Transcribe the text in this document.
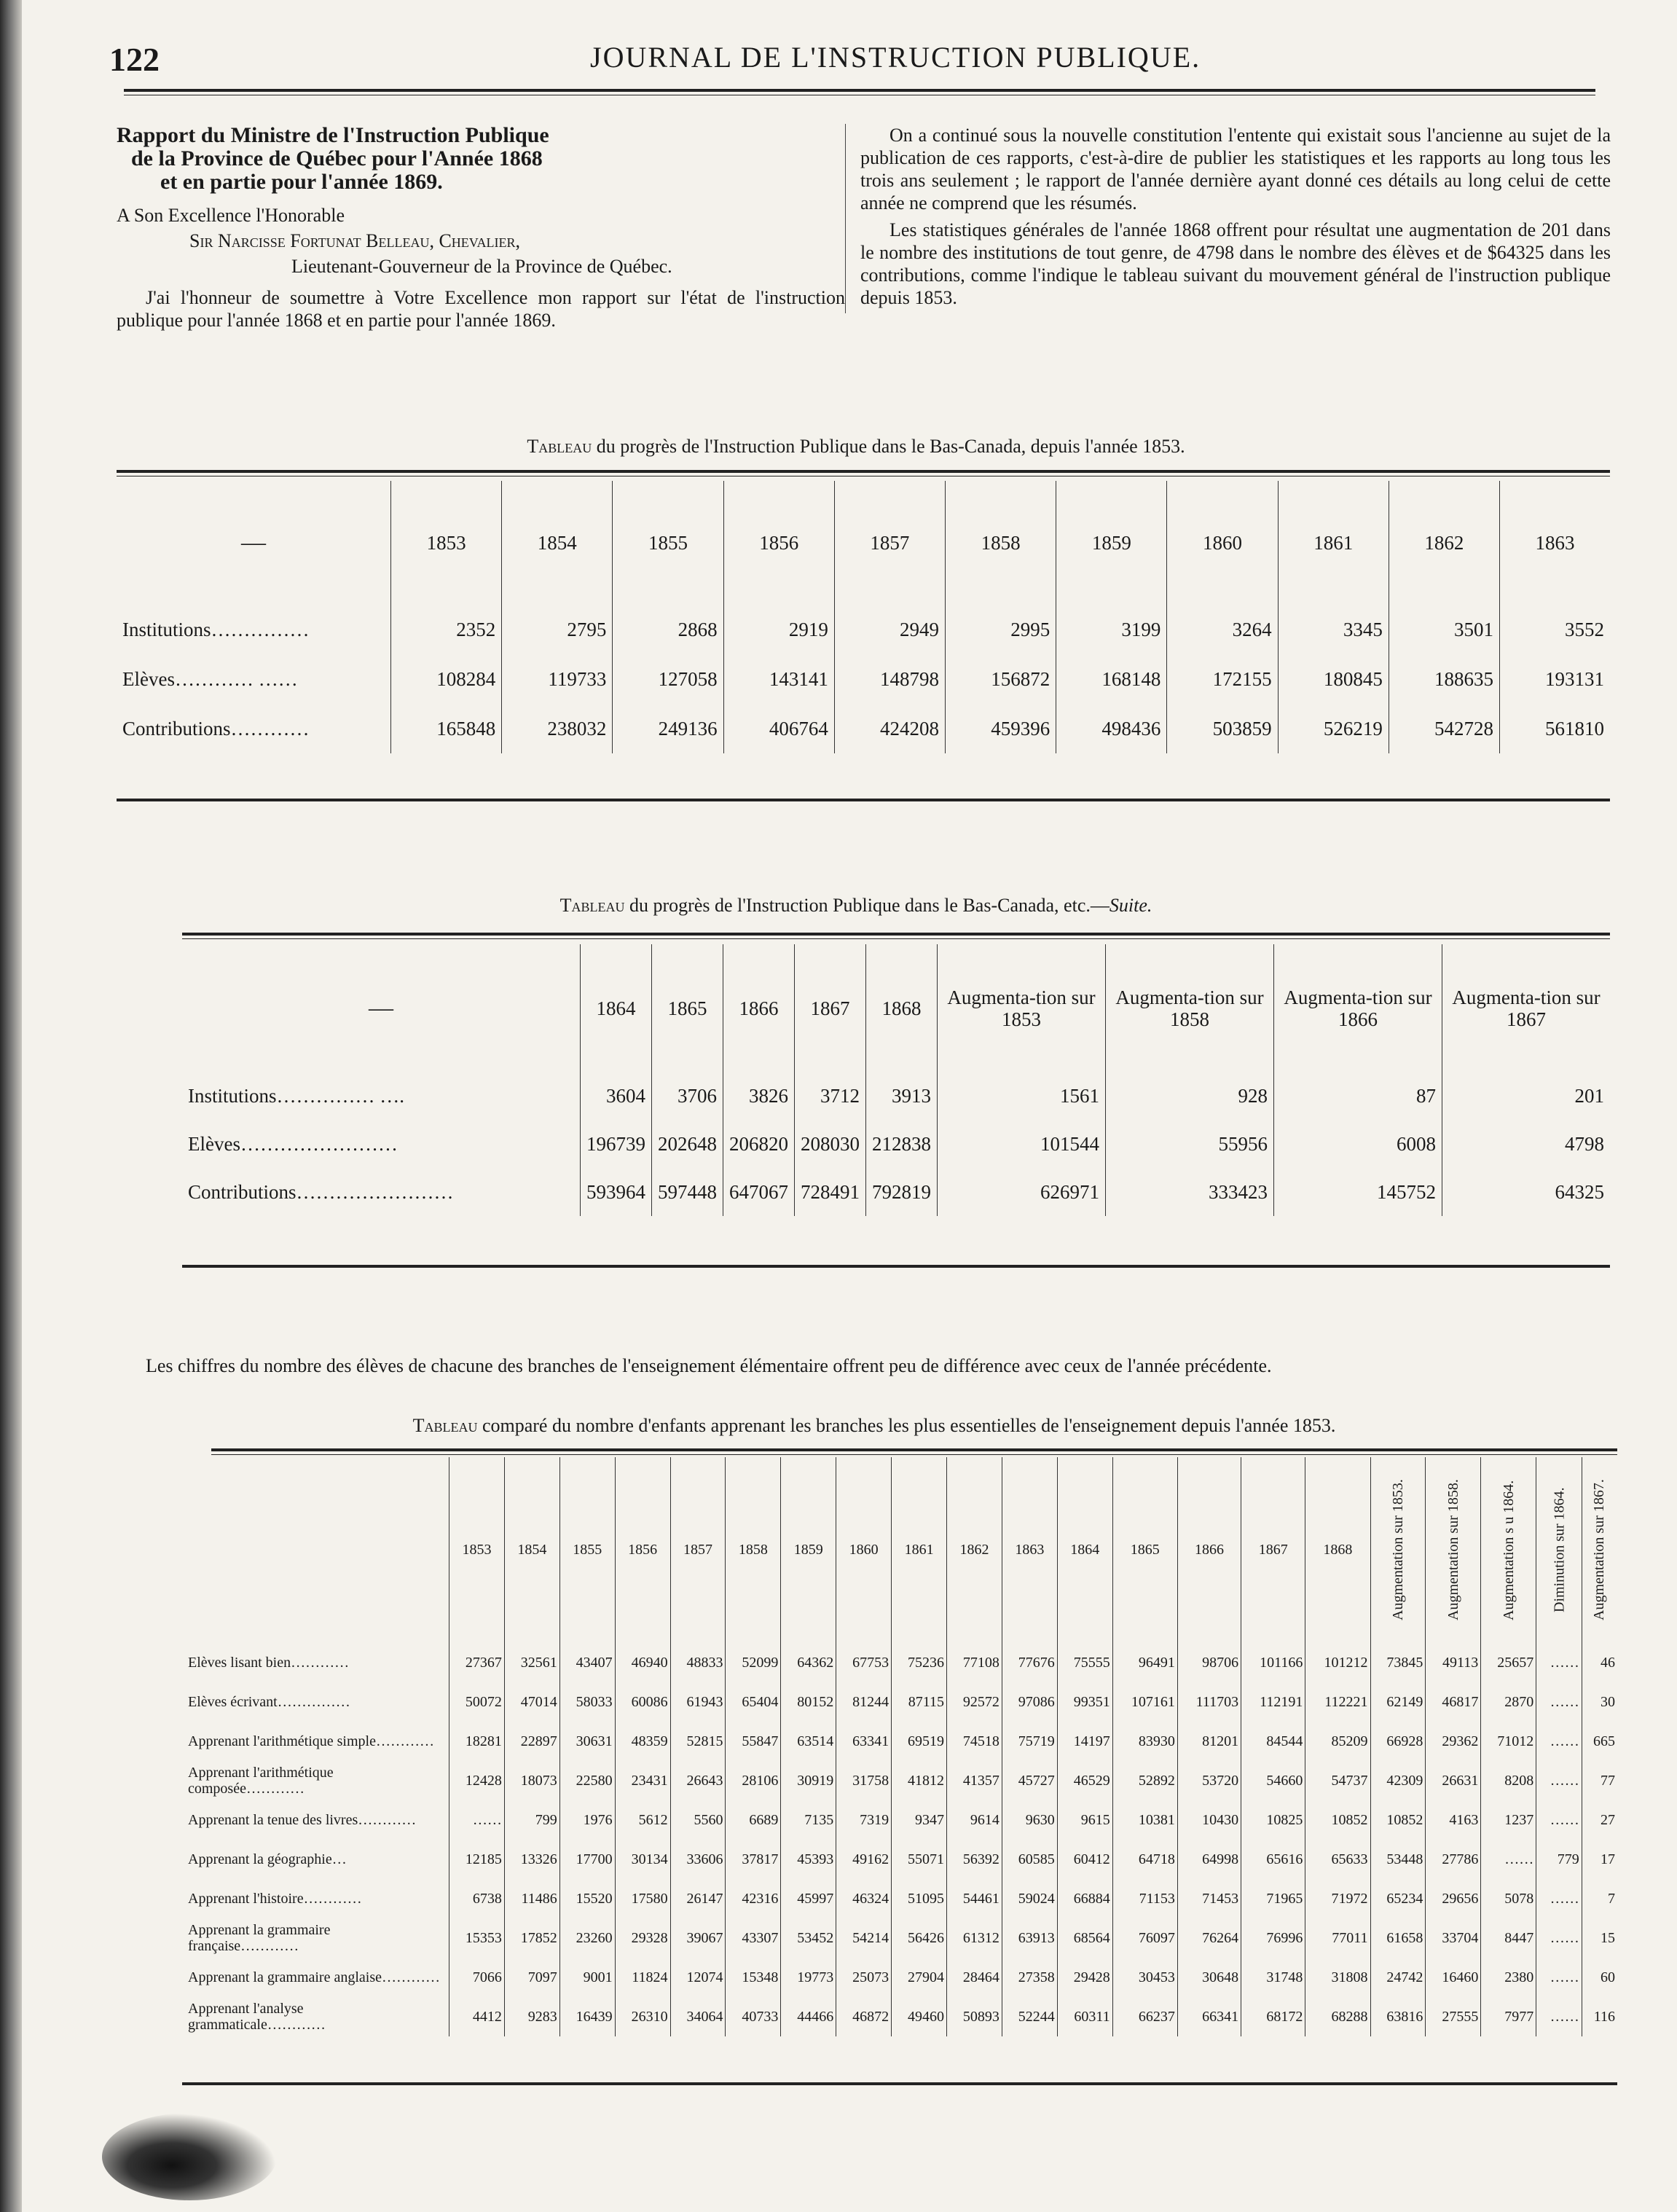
122	JOURNAL DE L'INSTRUCTION PUBLIQUE.
Rapport du Ministre de l'Instruction Publique
de la Province de Québec pour l'Année 1868
et en partie pour l'année 1869.
A Son Excellence l'Honorable
Sir Narcisse Fortunat Belleau, Chevalier,
Lieutenant-Gouverneur de la Province de Québec.

J'ai l'honneur de soumettre à Votre Excellence mon rapport sur l'état de l'instruction publique pour l'année 1868 et en partie pour l'année 1869.

On a continué sous la nouvelle constitution l'entente qui existait sous l'ancienne au sujet de la publication de ces rapports, c'est-à-dire de publier les statistiques et les rapports au long tous les trois ans seulement ; le rapport de l'année dernière ayant donné ces détails au long celui de cette année ne comprend que les résumés.

Les statistiques générales de l'année 1868 offrent pour résultat une augmentation de 201 dans le nombre des institutions de tout genre, de 4798 dans le nombre des élèves et de $64325 dans les contributions, comme l'indique le tableau suivant du mouvement général de l'instruction publique depuis 1853.

Tableau du progrès de l'Instruction Publique dans le Bas-Canada, depuis l'année 1853.

—	1853	1854	1855	1856	1857	1858	1859	1860	1861	1862	1863
Institutions……………	2352	2795	2868	2919	2949	2995	3199	3264	3345	3501	3552
Elèves………… ……	108284	119733	127058	143141	148798	156872	168148	172155	180845	188635	193131
Contributions…………	165848	238032	249136	406764	424208	459396	498436	503859	526219	542728	561810

Tableau du progrès de l'Instruction Publique dans le Bas-Canada, etc.—Suite.

—	1864	1865	1866	1867	1868	Augmenta-tion sur 1853	Augmenta-tion sur 1858	Augmenta-tion sur 1866	Augmenta-tion sur 1867
Institutions…………… ….	3604	3706	3826	3712	3913	1561	928	87	201
Elèves……………………	196739	202648	206820	208030	212838	101544	55956	6008	4798
Contributions……………………	593964	597448	647067	728491	792819	626971	333423	145752	64325

Les chiffres du nombre des élèves de chacune des branches de l'enseignement élémentaire offrent peu de différence avec ceux de l'année précédente.

Tableau comparé du nombre d'enfants apprenant les branches les plus essentielles de l'enseignement depuis l'année 1853.

	1853	1854	1855	1856	1857	1858	1859	1860	1861	1862	1863	1864	1865	1866	1867	1868	Augmentation sur 1853.	Augmentation sur 1858.	Augmentation s u 1864.	Diminution sur 1864.	Augmentation sur 1867.
Elèves lisant bien…………	27367	32561	43407	46940	48833	52099	64362	67753	75236	77108	77676	75555	96491	98706	101166	101212	73845	49113	25657	……	46
Elèves écrivant……………	50072	47014	58033	60086	61943	65404	80152	81244	87115	92572	97086	99351	107161	111703	112191	112221	62149	46817	2870	……	30
Apprenant l'arithmétique simple…………	18281	22897	30631	48359	52815	55847	63514	63341	69519	74518	75719	14197	83930	81201	84544	85209	66928	29362	71012	……	665
Apprenant l'arithmétique composée…………	12428	18073	22580	23431	26643	28106	30919	31758	41812	41357	45727	46529	52892	53720	54660	54737	42309	26631	8208	……	77
Apprenant la tenue des livres…………	……	799	1976	5612	5560	6689	7135	7319	9347	9614	9630	9615	10381	10430	10825	10852	10852	4163	1237	……	27
Apprenant la géographie…	12185	13326	17700	30134	33606	37817	45393	49162	55071	56392	60585	60412	64718	64998	65616	65633	53448	27786	……	779	17
Apprenant l'histoire…………	6738	11486	15520	17580	26147	42316	45997	46324	51095	54461	59024	66884	71153	71453	71965	71972	65234	29656	5078	……	7
Apprenant la grammaire française…………	15353	17852	23260	29328	39067	43307	53452	54214	56426	61312	63913	68564	76097	76264	76996	77011	61658	33704	8447	……	15
Apprenant la grammaire anglaise…………	7066	7097	9001	11824	12074	15348	19773	25073	27904	28464	27358	29428	30453	30648	31748	31808	24742	16460	2380	……	60
Apprenant l'analyse grammaticale…………	4412	9283	16439	26310	34064	40733	44466	46872	49460	50893	52244	60311	66237	66341	68172	68288	63816	27555	7977	……	116
